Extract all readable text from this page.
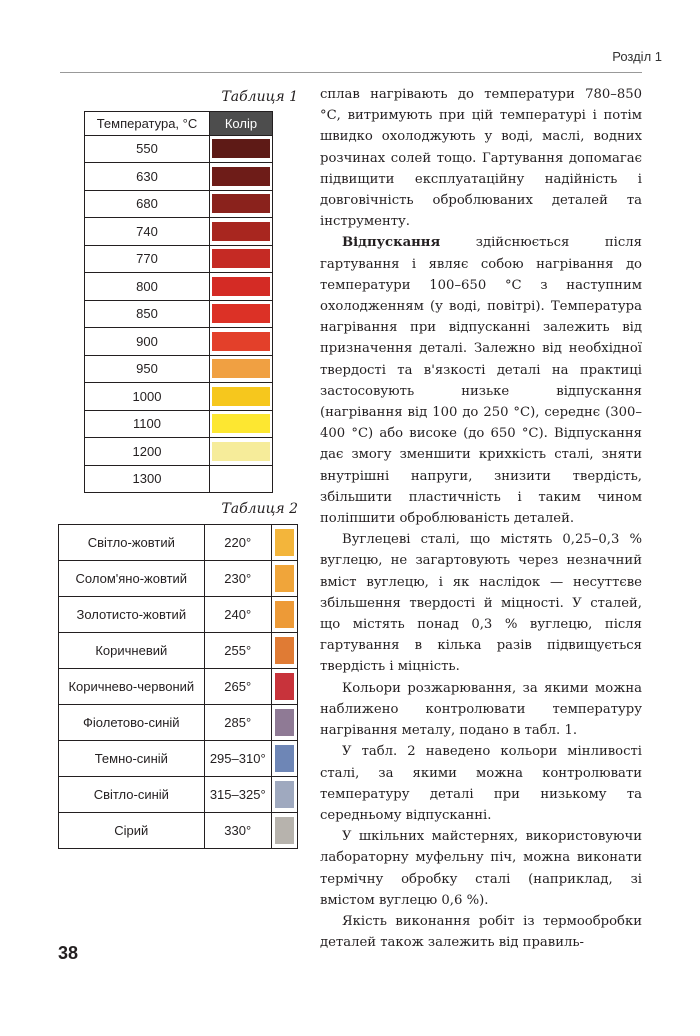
Розділ 1
Таблиця 1
Температура, °С	Колір
550	

630	

680	

740	

770	

800	

850	

900	

950	

1000	

1100	

1200	

1300	
Таблиця 2
Світло-жовтий	220°	

Солом'яно-жовтий	230°	

Золотисто-жовтий	240°	

Коричневий	255°	

Коричнево-червоний	265°	

Фіолетово-синій	285°	

Темно-синій	295–310°	

Світло-синій	315–325°	

Сірий	330°	

сплав нагрівають до температури 780–850 °С, витримують при цій температурі і потім швидко охолоджують у воді, маслі, водних розчинах солей тощо. Гартування допомагає підвищити експлуатаційну надійність і довговічність оброблюваних деталей та інструменту.

Відпускання здійснюється після гартування і являє собою нагрівання до температури 100–650 °С з наступним охолодженням (у воді, повітрі). Температура нагрівання при відпусканні залежить від призначення деталі. Залежно від необхідної твердості та в'язкості деталі на практиці застосовують низьке відпускання (нагрівання від 100 до 250 °С), середнє (300–400 °С) або високе (до 650 °С). Відпускання дає змогу зменшити крихкість сталі, зняти внутрішні напруги, знизити твердість, збільшити пластичність і таким чином поліпшити оброблюваність деталей.

Вуглецеві сталі, що містять 0,25–0,3 % вуглецю, не загартовують через незначний вміст вуглецю, і як наслідок — несуттєве збільшення твердості й міцності. У сталей, що містять понад 0,3 % вуглецю, після гартування в кілька разів підвищується твердість і міцність.

Кольори розжарювання, за якими можна наближено контролювати температуру нагрівання металу, подано в табл. 1.

У табл. 2 наведено кольори мінливості сталі, за якими можна контролювати температуру деталі при низькому та середньому відпусканні.

У шкільних майстернях, використовуючи лабораторну муфельну піч, можна виконати термічну обробку сталі (наприклад, зі вмістом вуглецю 0,6 %).

Якість виконання робіт із термообробки деталей також залежить від правиль-

38
